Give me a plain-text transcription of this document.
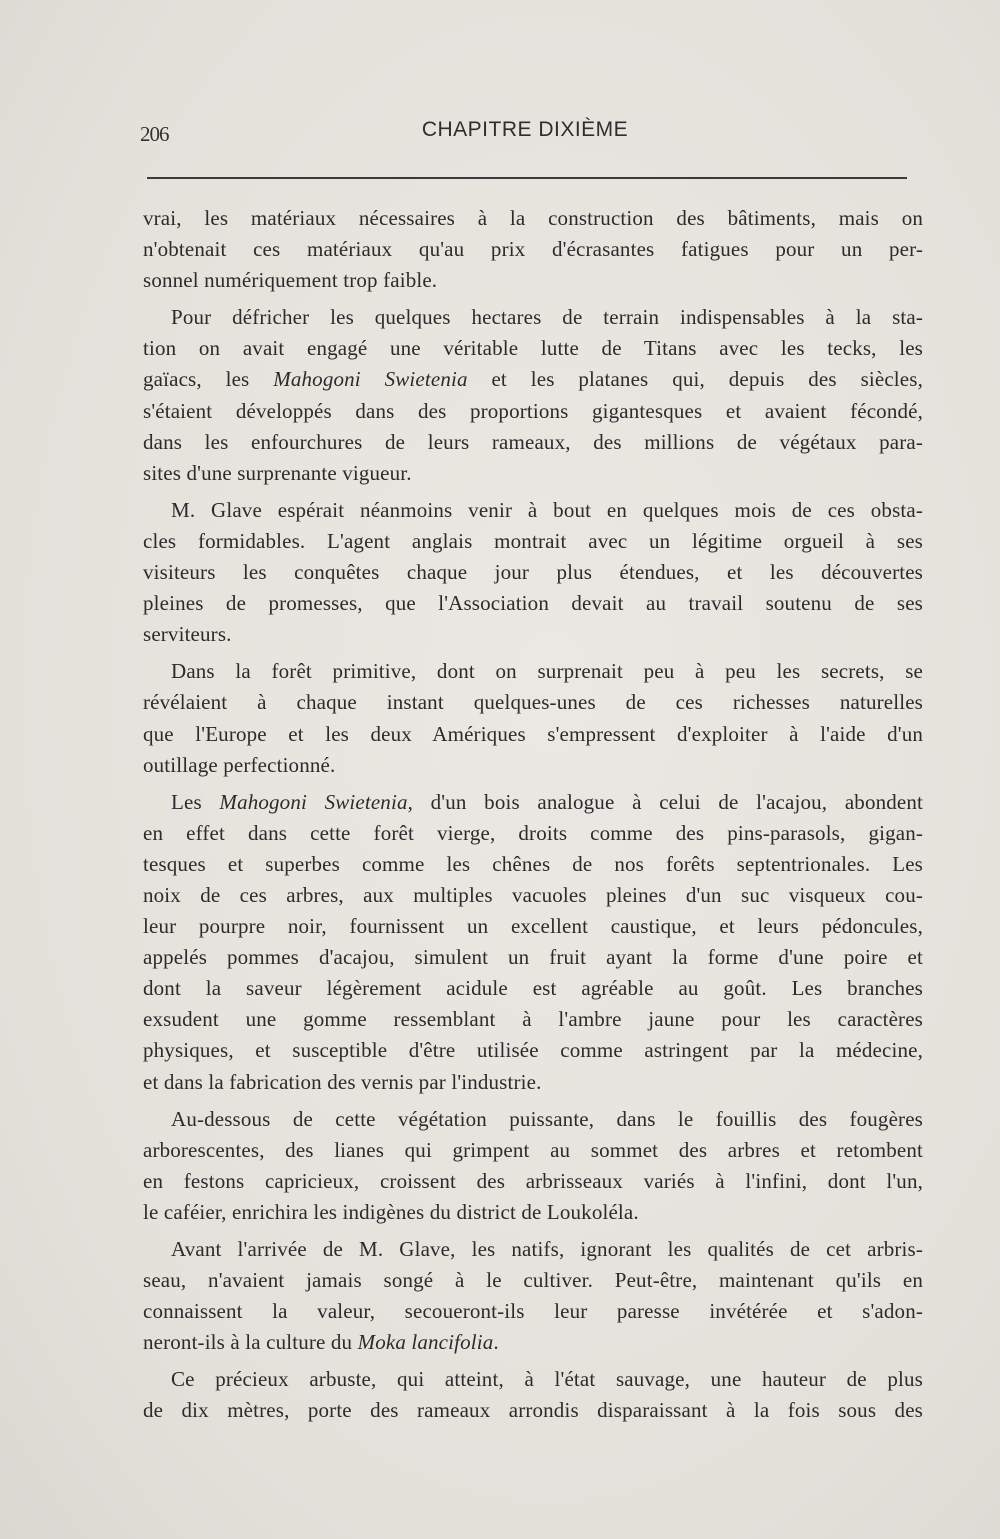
206	CHAPITRE DIXIÈME
vrai, les matériaux nécessaires à la construction des bâtiments, mais on
n'obtenait ces matériaux qu'au prix d'écrasantes fatigues pour un per-
sonnel numériquement trop faible.
Pour défricher les quelques hectares de terrain indispensables à la sta-
tion on avait engagé une véritable lutte de Titans avec les tecks, les
gaïacs, les Mahogoni Swietenia et les platanes qui, depuis des siècles,
s'étaient développés dans des proportions gigantesques et avaient fécondé,
dans les enfourchures de leurs rameaux, des millions de végétaux para-
sites d'une surprenante vigueur.
M. Glave espérait néanmoins venir à bout en quelques mois de ces obsta-
cles formidables. L'agent anglais montrait avec un légitime orgueil à ses
visiteurs les conquêtes chaque jour plus étendues, et les découvertes
pleines de promesses, que l'Association devait au travail soutenu de ses
serviteurs.
Dans la forêt primitive, dont on surprenait peu à peu les secrets, se
révélaient à chaque instant quelques-unes de ces richesses naturelles
que l'Europe et les deux Amériques s'empressent d'exploiter à l'aide d'un
outillage perfectionné.
Les Mahogoni Swietenia, d'un bois analogue à celui de l'acajou, abondent
en effet dans cette forêt vierge, droits comme des pins-parasols, gigan-
tesques et superbes comme les chênes de nos forêts septentrionales. Les
noix de ces arbres, aux multiples vacuoles pleines d'un suc visqueux cou-
leur pourpre noir, fournissent un excellent caustique, et leurs pédoncules,
appelés pommes d'acajou, simulent un fruit ayant la forme d'une poire et
dont la saveur légèrement acidule est agréable au goût. Les branches
exsudent une gomme ressemblant à l'ambre jaune pour les caractères
physiques, et susceptible d'être utilisée comme astringent par la médecine,
et dans la fabrication des vernis par l'industrie.
Au-dessous de cette végétation puissante, dans le fouillis des fougères
arborescentes, des lianes qui grimpent au sommet des arbres et retombent
en festons capricieux, croissent des arbrisseaux variés à l'infini, dont l'un,
le caféier, enrichira les indigènes du district de Loukoléla.
Avant l'arrivée de M. Glave, les natifs, ignorant les qualités de cet arbris-
seau, n'avaient jamais songé à le cultiver. Peut-être, maintenant qu'ils en
connaissent la valeur, secoueront-ils leur paresse invétérée et s'adon-
neront-ils à la culture du Moka lancifolia.
Ce précieux arbuste, qui atteint, à l'état sauvage, une hauteur de plus
de dix mètres, porte des rameaux arrondis disparaissant à la fois sous des
